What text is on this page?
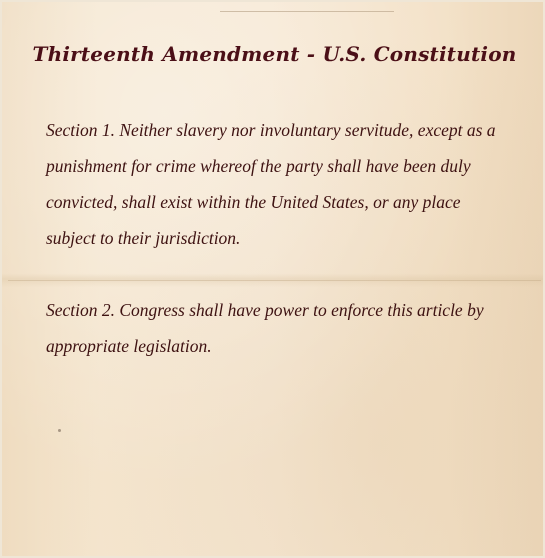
Thirteenth Amendment - U.S. Constitution
Section 1. Neither slavery nor involuntary servitude, except as a punishment for crime whereof the party shall have been duly convicted, shall exist within the United States, or any place subject to their jurisdiction.
Section 2. Congress shall have power to enforce this article by appropriate legislation.
